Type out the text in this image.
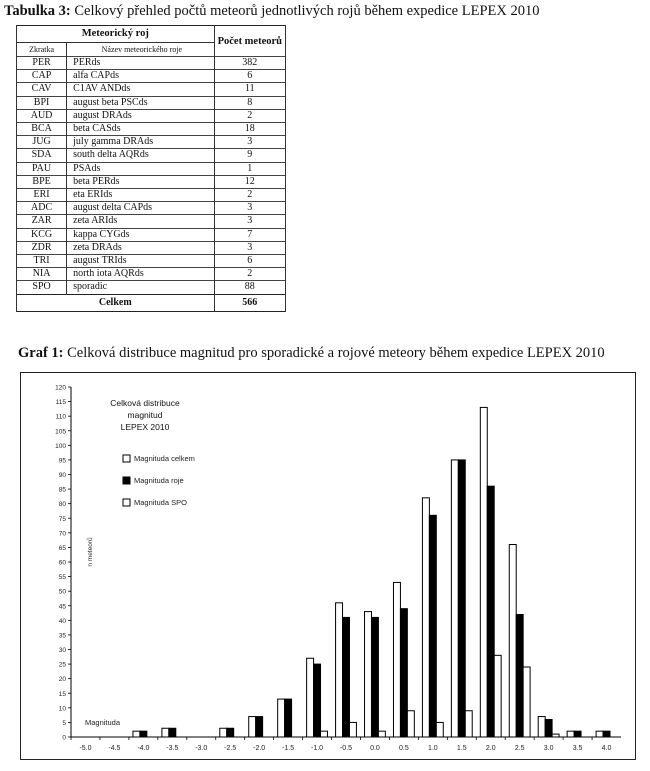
Tabulka 3: Celkový přehled počtů meteorů jednotlivých rojů během expedice LEPEX 2010
Meteorický roj		Počet meteorů
Zkratka	Název meteorického roje	
PER	PERds	382
CAP	alfa CAPds	6
CAV	C1AV ANDds	11
BPI	august beta PSCds	8
AUD	august DRAds	2
BCA	beta CASds	18
JUG	july gamma DRAds	3
SDA	south delta AQRds	9
PAU	PSAds	1
BPE	beta PERds	12
ERI	eta ERIds	2
ADC	august delta CAPds	3
ZAR	zeta ARIds	3
KCG	kappa CYGds	7
ZDR	zeta DRAds	3
TRI	august TRIds	6
NIA	north iota AQRds	2
SPO	sporadic	88
Celkem		566
Graf 1: Celková distribuce magnitud pro sporadické a rojové meteory během expedice LEPEX 2010
0
5
10
15
20
25
30
35
40
45
50
55
60
65
70
75
80
85
90
95
100
105
110
115
120
-5.0 -4.5 -4.0 -3.5 -3.0 -2.5 -2.0 -1.5 -1.0 -0.5	0.0	0.5	1.0	1.5	2.0	2.5	3.0	3.5	4.0
Celková distribuce
magnitud
LEPEX 2010
Magnituda celkem
Magnituda roje
Magnituda SPO
n meteorů
Magnituda
